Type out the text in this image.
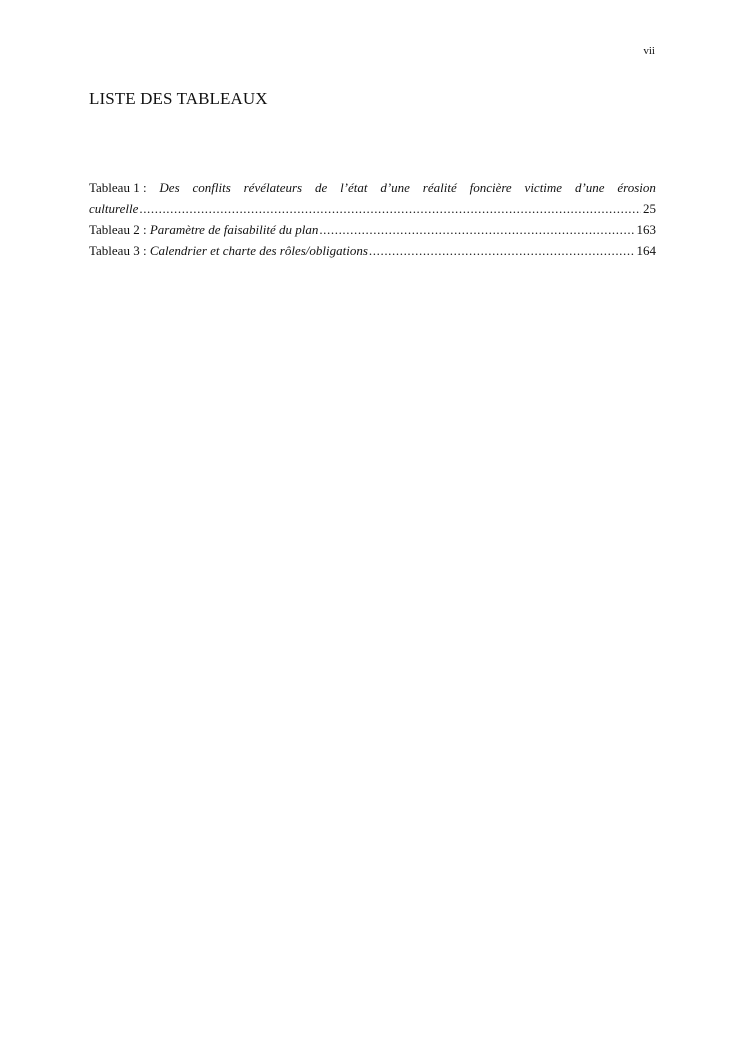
vii
LISTE DES TABLEAUX
Tableau 1 : Des conflits révélateurs de l’état d’une réalité foncière victime d’une érosion
culturelle .....	25
Tableau 2 : Paramètre de faisabilité du plan .....	163
Tableau 3 : Calendrier et charte des rôles/obligations .....	164
